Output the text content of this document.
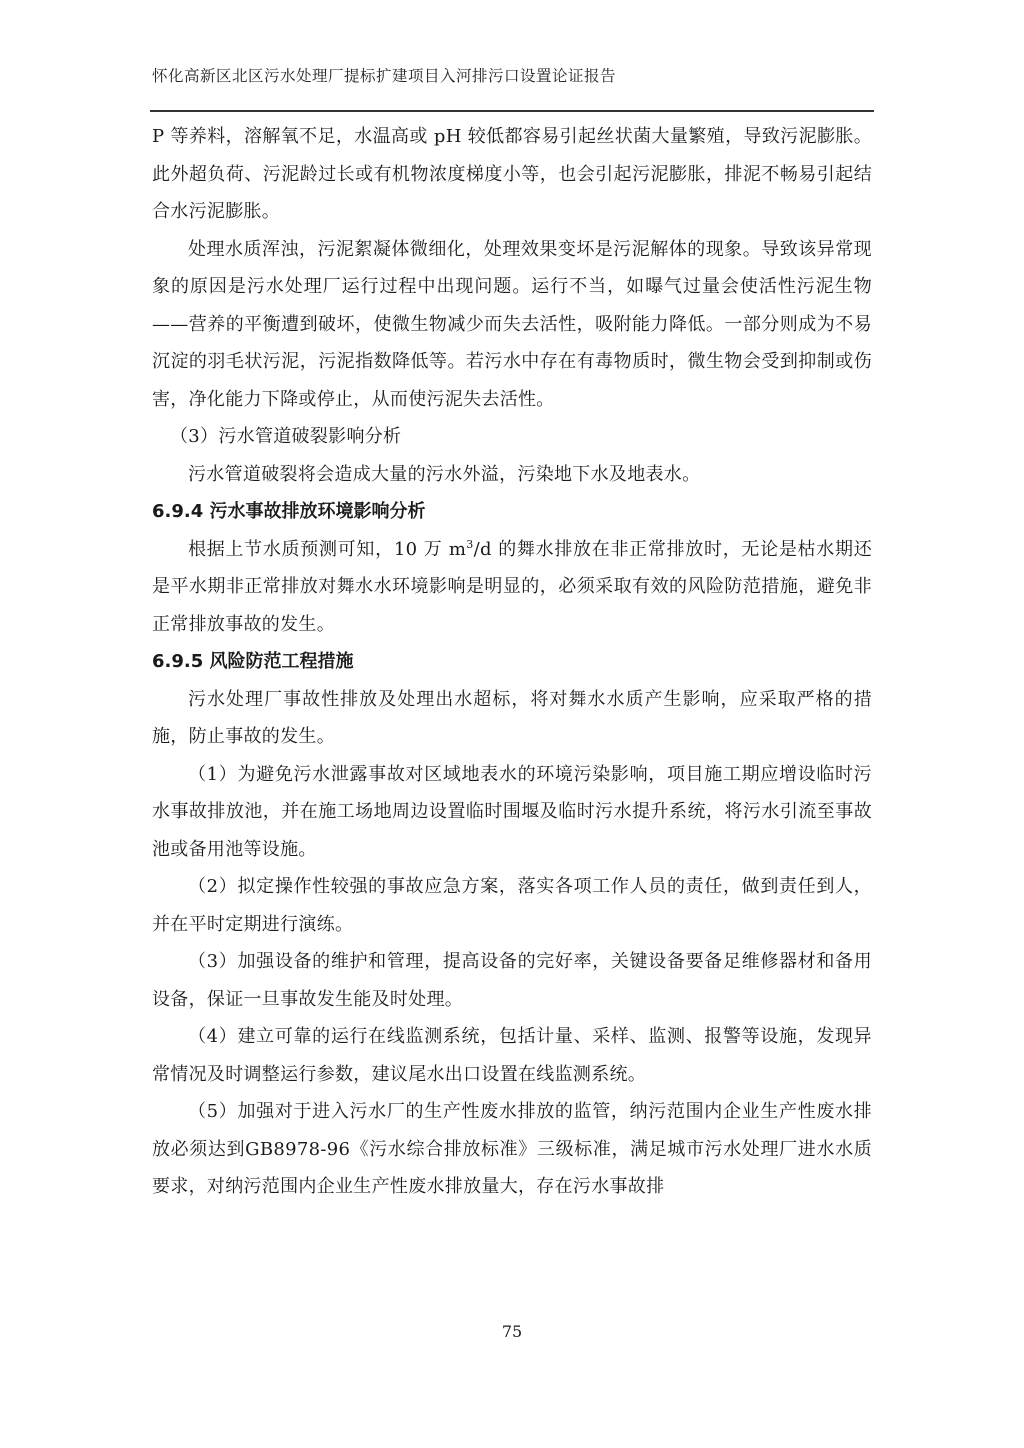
怀化高新区北区污水处理厂提标扩建项目入河排污口设置论证报告

P 等养料，溶解氧不足，水温高或 pH 较低都容易引起丝状菌大量繁殖，导致污泥膨胀。此外超负荷、污泥龄过长或有机物浓度梯度小等，也会引起污泥膨胀，排泥不畅易引起结合水污泥膨胀。

处理水质浑浊，污泥絮凝体微细化，处理效果变坏是污泥解体的现象。导致该异常现象的原因是污水处理厂运行过程中出现问题。运行不当，如曝气过量会使活性污泥生物——营养的平衡遭到破坏，使微生物减少而失去活性，吸附能力降低。一部分则成为不易沉淀的羽毛状污泥，污泥指数降低等。若污水中存在有毒物质时，微生物会受到抑制或伤害，净化能力下降或停止，从而使污泥失去活性。

（3）污水管道破裂影响分析

污水管道破裂将会造成大量的污水外溢，污染地下水及地表水。

6.9.4 污水事故排放环境影响分析

根据上节水质预测可知，10 万 $m^3/d$ 的舞水排放在非正常排放时，无论是枯水期还是平水期非正常排放对舞水水环境影响是明显的，必须采取有效的风险防范措施，避免非正常排放事故的发生。

6.9.5 风险防范工程措施

污水处理厂事故性排放及处理出水超标，将对舞水水质产生影响，应采取严格的措施，防止事故的发生。

（1）为避免污水泄露事故对区域地表水的环境污染影响，项目施工期应增设临时污水事故排放池，并在施工场地周边设置临时围堰及临时污水提升系统，将污水引流至事故池或备用池等设施。

（2）拟定操作性较强的事故应急方案，落实各项工作人员的责任，做到责任到人，并在平时定期进行演练。

（3）加强设备的维护和管理，提高设备的完好率，关键设备要备足维修器材和备用设备，保证一旦事故发生能及时处理。

（4）建立可靠的运行在线监测系统，包括计量、采样、监测、报警等设施，发现异常情况及时调整运行参数，建议尾水出口设置在线监测系统。

（5）加强对于进入污水厂的生产性废水排放的监管，纳污范围内企业生产性废水排放必须达到GB8978-96《污水综合排放标准》三级标准，满足城市污水处理厂进水水质要求，对纳污范围内企业生产性废水排放量大，存在污水事故排

75
